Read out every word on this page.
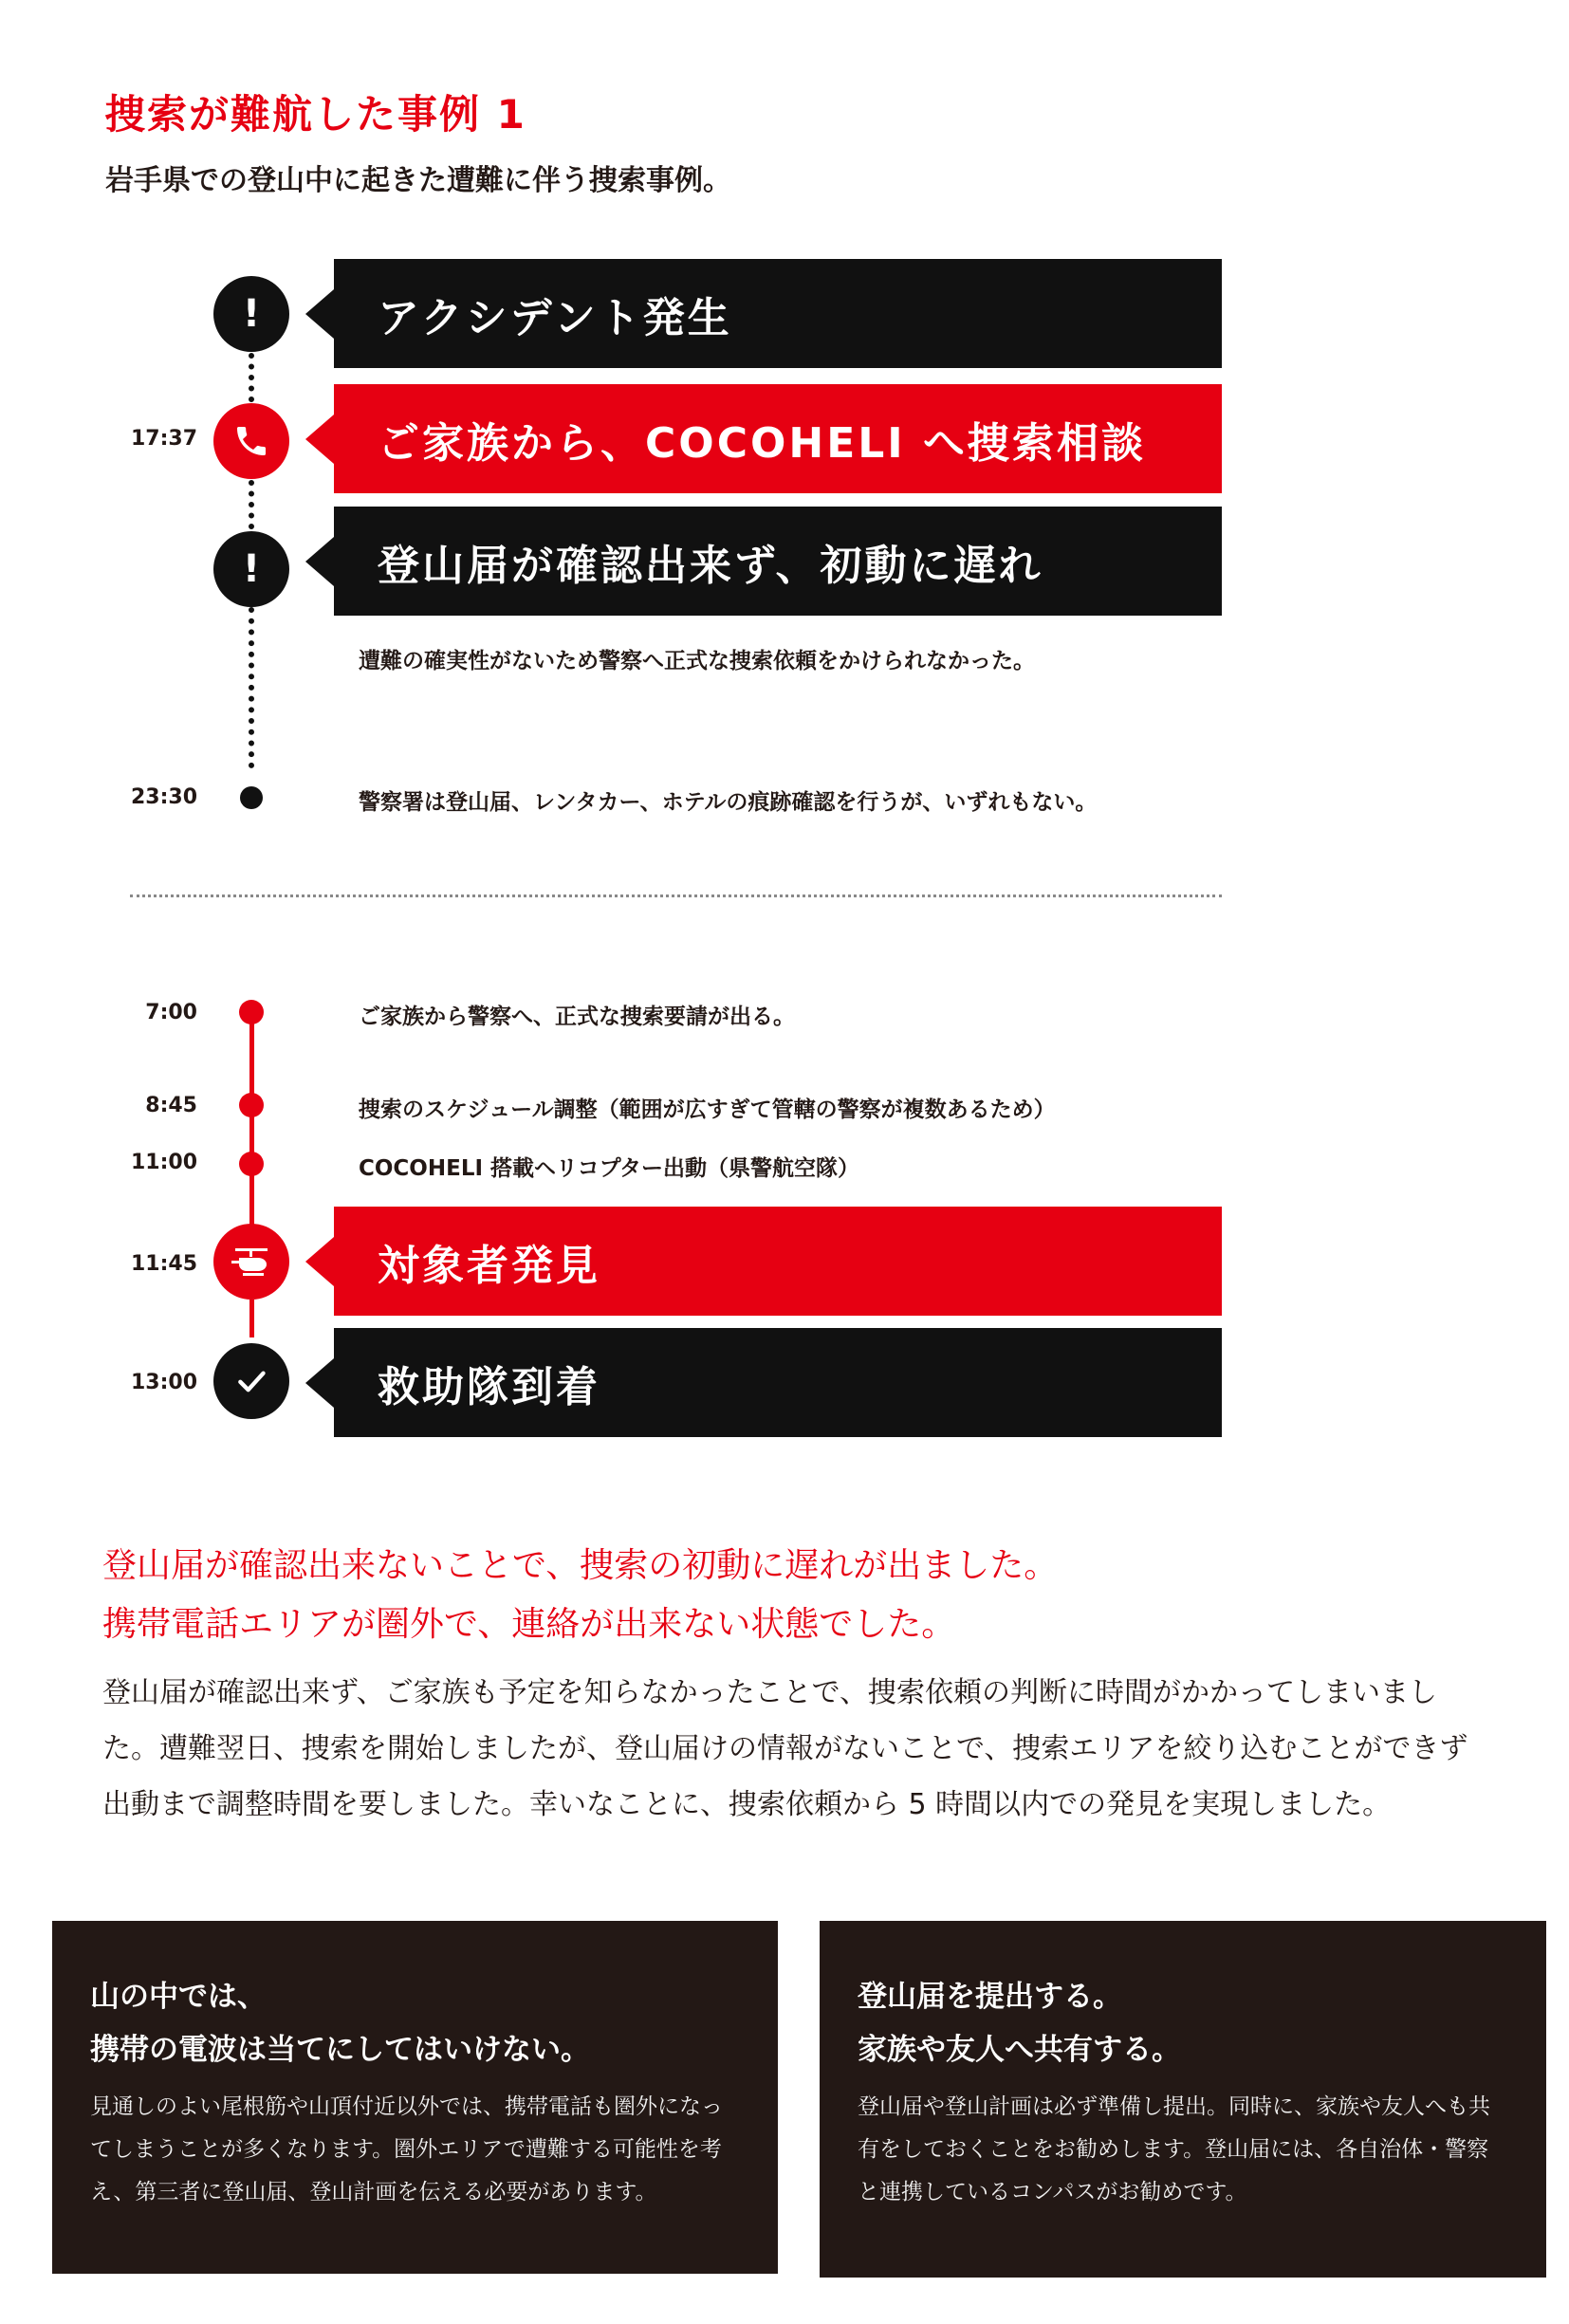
捜索が難航した事例 1
岩手県での登山中に起きた遭難に伴う捜索事例。
!	アクシデント発生
17:37	ご家族から、COCOHELI へ捜索相談
!	登山届が確認出来ず、初動に遅れ
遭難の確実性がないため警察へ正式な捜索依頼をかけられなかった。
23:30	警察署は登山届、レンタカー、ホテルの痕跡確認を行うが、いずれもない。
7:00	ご家族から警察へ、正式な捜索要請が出る。
8:45	捜索のスケジュール調整（範囲が広すぎて管轄の警察が複数あるため）
11:00	COCOHELI 搭載ヘリコプター出動（県警航空隊）
11:45	対象者発見
13:00	救助隊到着
登山届が確認出来ないことで、捜索の初動に遅れが出ました。
携帯電話エリアが圏外で、連絡が出来ない状態でした。
登山届が確認出来ず、ご家族も予定を知らなかったことで、捜索依頼の判断に時間がかかってしまいました。遭難翌日、捜索を開始しましたが、登山届けの情報がないことで、捜索エリアを絞り込むことができず出動まで調整時間を要しました。幸いなことに、捜索依頼から 5 時間以内での発見を実現しました。
山の中では、
携帯の電波は当てにしてはいけない。
見通しのよい尾根筋や山頂付近以外では、携帯電話も圏外になってしまうことが多くなります。圏外エリアで遭難する可能性を考え、第三者に登山届、登山計画を伝える必要があります。
登山届を提出する。
家族や友人へ共有する。
登山届や登山計画は必ず準備し提出。同時に、家族や友人へも共有をしておくことをお勧めします。登山届には、各自治体・警察と連携しているコンパスがお勧めです。
